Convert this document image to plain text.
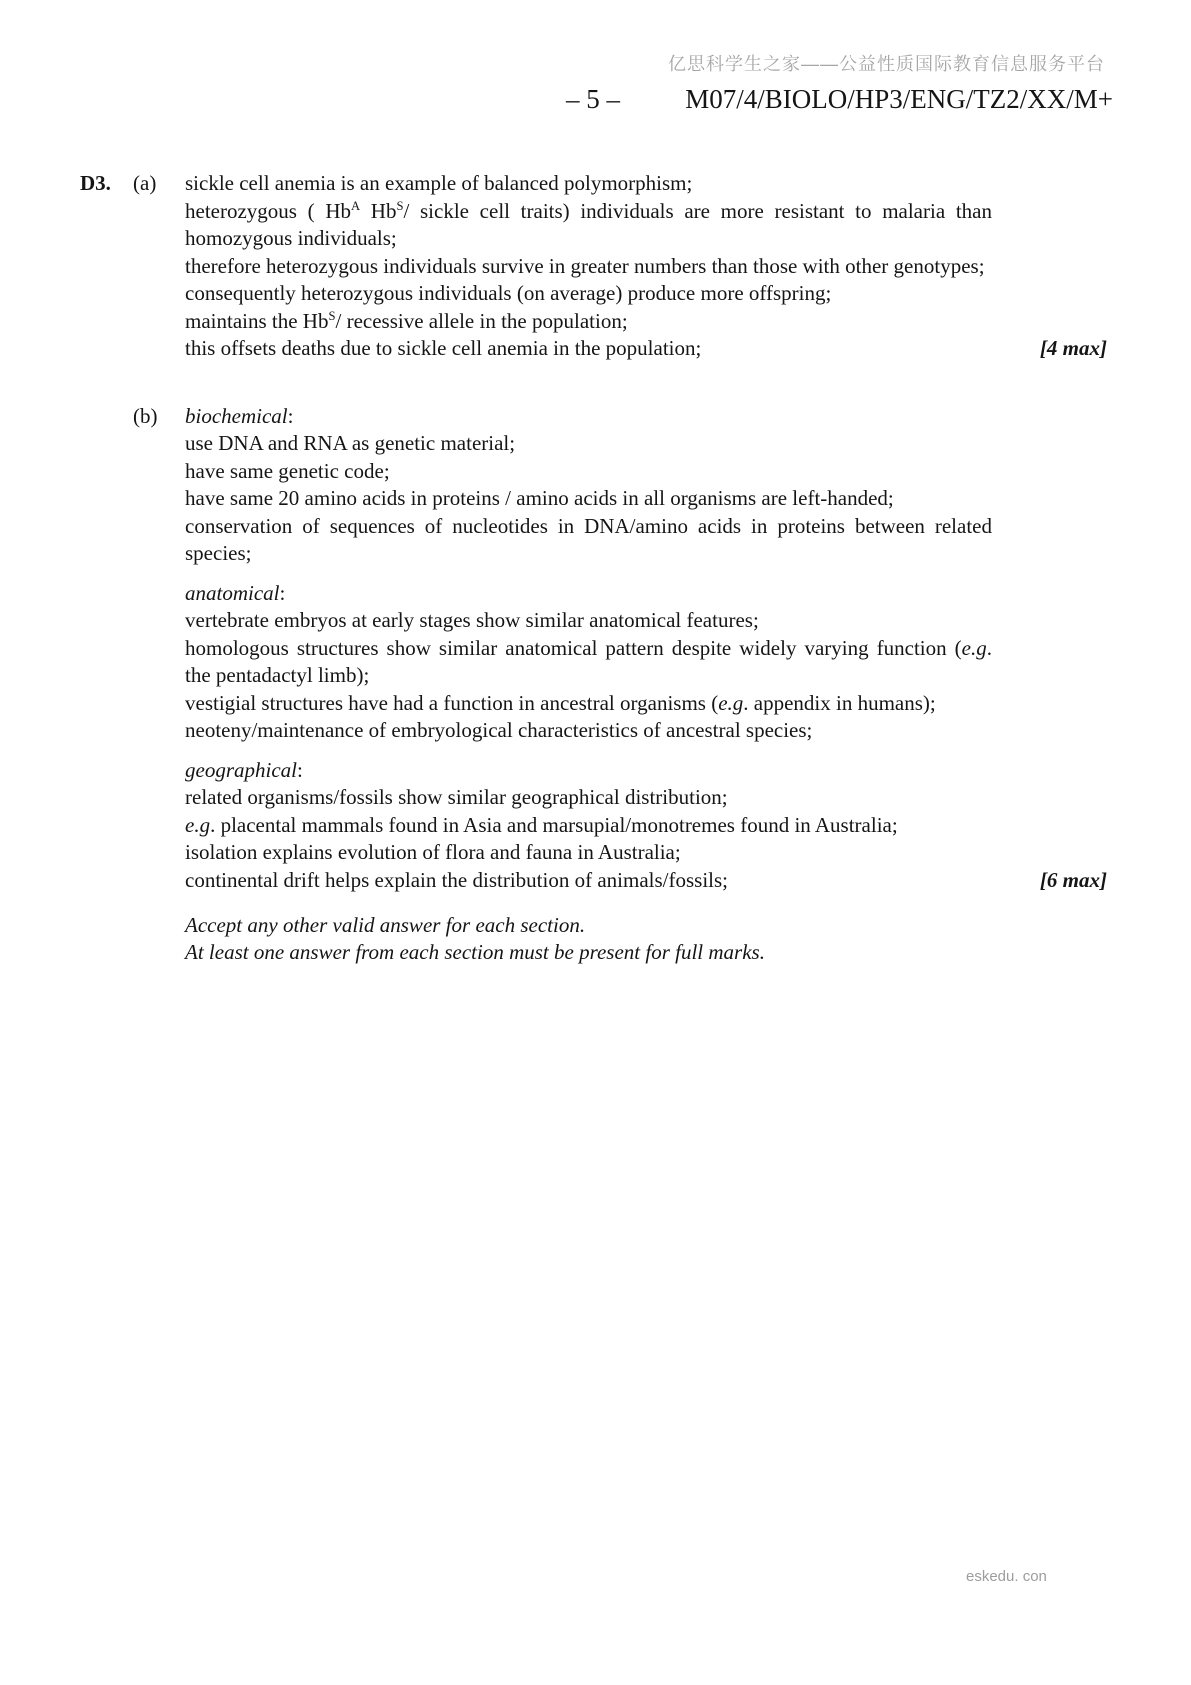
亿思科学生之家——公益性质国际教育信息服务平台
– 5 – M07/4/BIOLO/HP3/ENG/TZ2/XX/M+
D3.	(a)	sickle cell anemia is an example of balanced polymorphism;

heterozygous ( $Hb^A$ $Hb^S/$ sickle cell traits) individuals are more resistant to malaria than homozygous individuals;

therefore heterozygous individuals survive in greater numbers than those with other genotypes;

consequently heterozygous individuals (on average) produce more offspring;

maintains the $Hb^S/$ recessive allele in the population;

this offsets deaths due to sickle cell anemia in the population;	[4 max]
(b)	biochemical:

use DNA and RNA as genetic material;

have same genetic code;

have same 20 amino acids in proteins / amino acids in all organisms are left-handed;

conservation of sequences of nucleotides in DNA/amino acids in proteins between related species;

anatomical:

vertebrate embryos at early stages show similar anatomical features;

homologous structures show similar anatomical pattern despite widely varying function (e.g. the pentadactyl limb);

vestigial structures have had a function in ancestral organisms (e.g. appendix in humans);

neoteny/maintenance of embryological characteristics of ancestral species;

geographical:

related organisms/fossils show similar geographical distribution;

e.g. placental mammals found in Asia and marsupial/monotremes found in Australia;

isolation explains evolution of flora and fauna in Australia;

continental drift helps explain the distribution of animals/fossils;	[6 max]

Accept any other valid answer for each section.

At least one answer from each section must be present for full marks.

eskedu. con
